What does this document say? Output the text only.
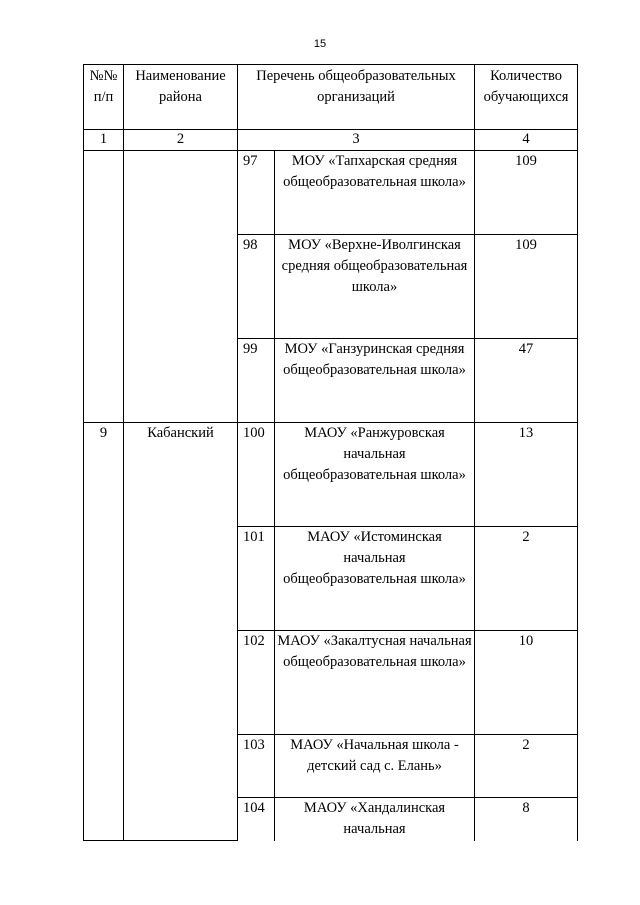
15
№№ п/п	Наименование района	Перечень общеобразовательных организаций		Количество обучающихся
1	2	3		4
		97	МОУ «Тапхарская средняя общеобразовательная школа»	109
		98	МОУ «Верхне-Иволгинская средняя общеобразовательная школа»	109
		99	МОУ «Ганзуринская средняя общеобразовательная школа»	47
9	Кабанский	100	МАОУ «Ранжуровская начальная общеобразовательная школа»	13
		101	МАОУ «Истоминская начальная общеобразовательная школа»	2
		102	МАОУ «Закалтусная начальная общеобразовательная школа»	10
		103	МАОУ «Начальная школа - детский сад с. Елань»	2
		104	МАОУ «Хандалинская начальная	8
